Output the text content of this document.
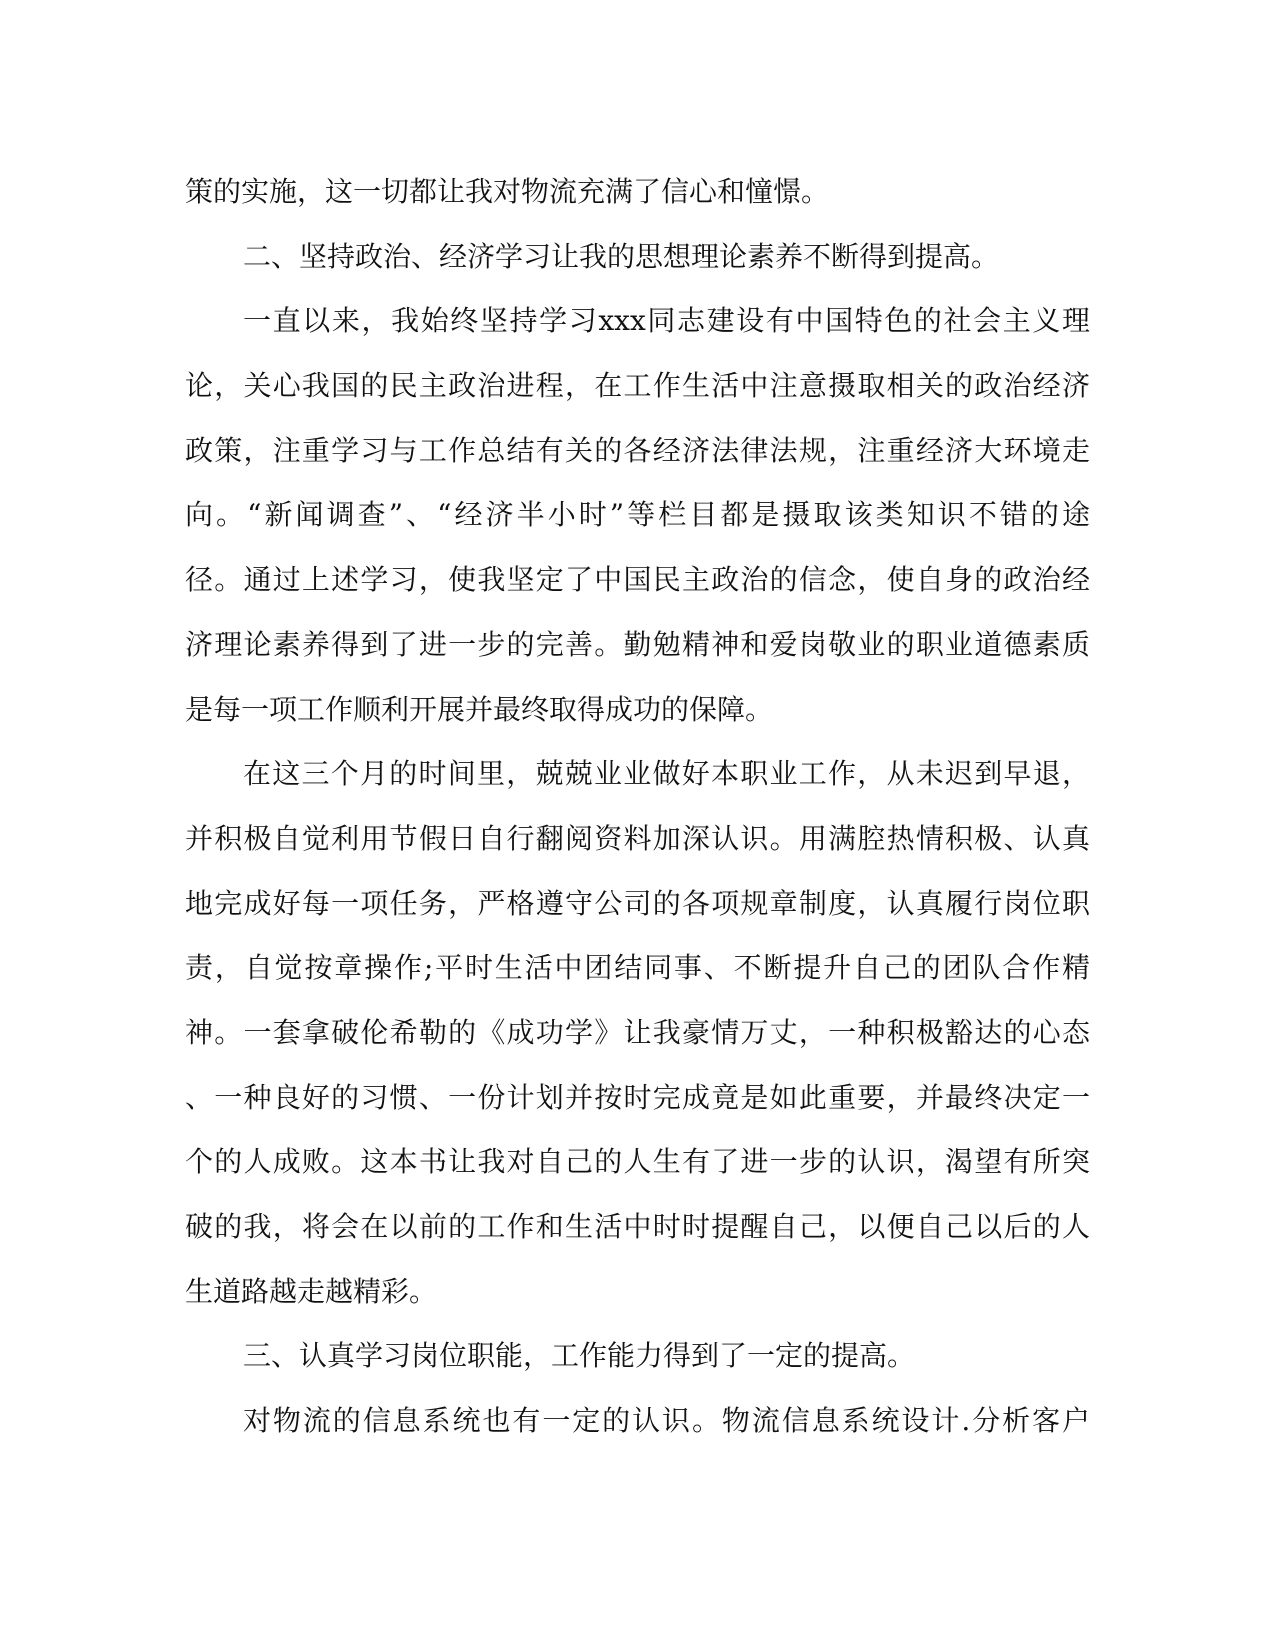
策的实施，这一切都让我对物流充满了信心和憧憬。
二、坚持政治、经济学习让我的思想理论素养不断得到提高。
一直以来，我始终坚持学习xxx同志建设有中国特色的社会主义理
论，关心我国的民主政治进程，在工作生活中注意摄取相关的政治经济
政策，注重学习与工作总结有关的各经济法律法规，注重经济大环境走
向。“新闻调查”、“经济半小时”等栏目都是摄取该类知识不错的途
径。通过上述学习，使我坚定了中国民主政治的信念，使自身的政治经
济理论素养得到了进一步的完善。勤勉精神和爱岗敬业的职业道德素质
是每一项工作顺利开展并最终取得成功的保障。
在这三个月的时间里，兢兢业业做好本职业工作，从未迟到早退，
并积极自觉利用节假日自行翻阅资料加深认识。用满腔热情积极、认真
地完成好每一项任务，严格遵守公司的各项规章制度，认真履行岗位职
责，自觉按章操作;平时生活中团结同事、不断提升自己的团队合作精
神。一套拿破伦希勒的《成功学》让我豪情万丈，一种积极豁达的心态
、一种良好的习惯、一份计划并按时完成竟是如此重要，并最终决定一
个的人成败。这本书让我对自己的人生有了进一步的认识，渴望有所突
破的我，将会在以前的工作和生活中时时提醒自己，以便自己以后的人
生道路越走越精彩。
三、认真学习岗位职能，工作能力得到了一定的提高。
对物流的信息系统也有一定的认识。物流信息系统设计.分析客户
